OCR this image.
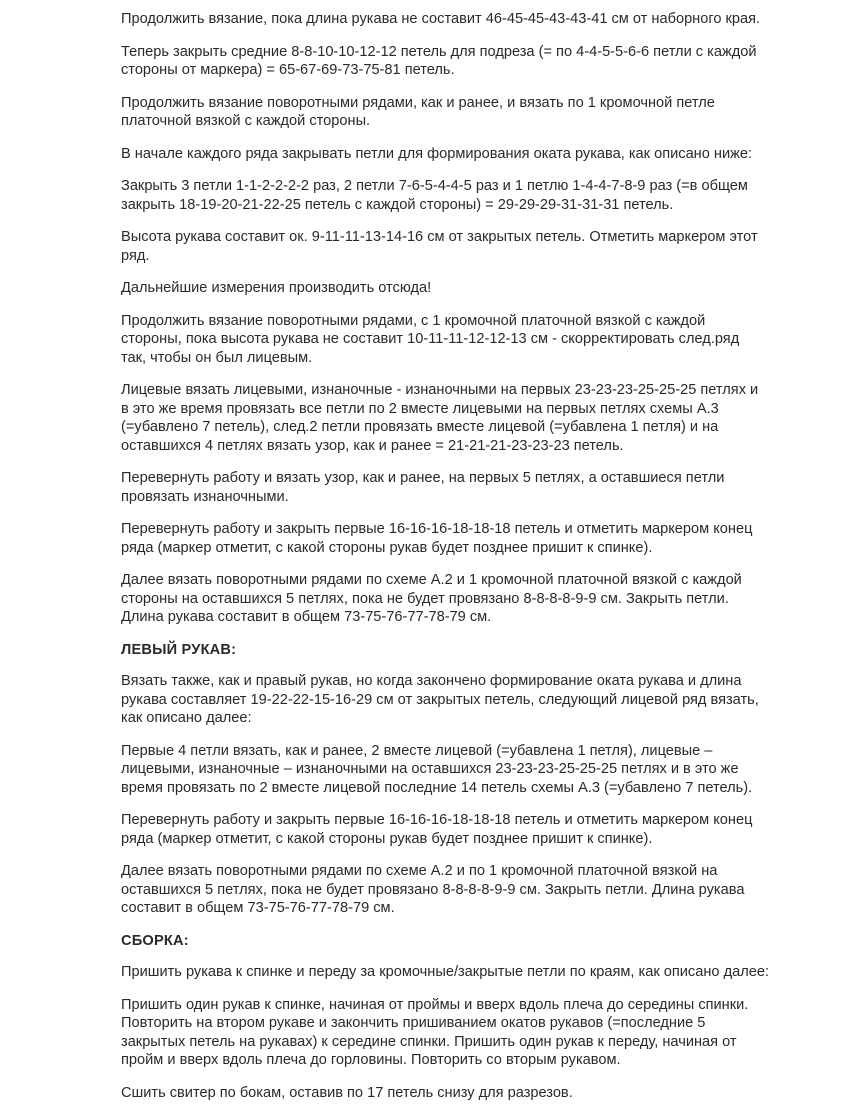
Продолжить вязание, пока длина рукава не составит 46-45-45-43-43-41 см от наборного края.
Теперь закрыть средние 8-8-10-10-12-12 петель для подреза (= по 4-4-5-5-6-6 петли с каждой
стороны от маркера) = 65-67-69-73-75-81 петель.
Продолжить вязание поворотными рядами, как и ранее, и вязать по 1 кромочной петле
платочной вязкой с каждой стороны.
В начале каждого ряда закрывать петли для формирования оката рукава, как описано ниже:
Закрыть 3 петли 1-1-2-2-2-2 раз, 2 петли 7-6-5-4-4-5 раз и 1 петлю 1-4-4-7-8-9 раз (=в общем
закрыть 18-19-20-21-22-25 петель с каждой стороны) = 29-29-29-31-31-31 петель.
Высота рукава составит ок. 9-11-11-13-14-16 см от закрытых петель. Отметить маркером этот
ряд.
Дальнейшие измерения производить отсюда!
Продолжить вязание поворотными рядами, с 1 кромочной платочной вязкой с каждой
стороны, пока высота рукава не составит 10-11-11-12-12-13 см - скорректировать след.ряд
так, чтобы он был лицевым.
Лицевые вязать лицевыми, изнаночные - изнаночными на первых 23-23-23-25-25-25 петлях и
в это же время провязать все петли по 2 вместе лицевыми на первых петлях схемы А.3
(=убавлено 7 петель), след.2 петли провязать вместе лицевой (=убавлена 1 петля) и на
оставшихся 4 петлях вязать узор, как и ранее = 21-21-21-23-23-23 петель.
Перевернуть работу и вязать узор, как и ранее, на первых 5 петлях, а оставшиеся петли
провязать изнаночными.
Перевернуть работу и закрыть первые 16-16-16-18-18-18 петель и отметить маркером конец
ряда (маркер отметит, с какой стороны рукав будет позднее пришит к спинке).
Далее вязать поворотными рядами по схеме А.2 и 1 кромочной платочной вязкой с каждой
стороны на оставшихся 5 петлях, пока не будет провязано 8-8-8-8-9-9 см. Закрыть петли.
Длина рукава составит в общем 73-75-76-77-78-79 см.
ЛЕВЫЙ РУКАВ:
Вязать также, как и правый рукав, но когда закончено формирование оката рукава и длина
рукава составляет 19-22-22-15-16-29 см от закрытых петель, следующий лицевой ряд вязать,
как описано далее:
Первые 4 петли вязать, как и ранее, 2 вместе лицевой (=убавлена 1 петля), лицевые –
лицевыми, изнаночные – изнаночными на оставшихся 23-23-23-25-25-25 петлях и в это же
время провязать по 2 вместе лицевой последние 14 петель схемы А.3 (=убавлено 7 петель).
Перевернуть работу и закрыть первые 16-16-16-18-18-18 петель и отметить маркером конец
ряда (маркер отметит, с какой стороны рукав будет позднее пришит к спинке).
Далее вязать поворотными рядами по схеме А.2 и по 1 кромочной платочной вязкой на
оставшихся 5 петлях, пока не будет провязано 8-8-8-8-9-9 см. Закрыть петли. Длина рукава
составит в общем 73-75-76-77-78-79 см.
СБОРКА:
Пришить рукава к спинке и переду за кромочные/закрытые петли по краям, как описано далее:
Пришить один рукав к спинке, начиная от проймы и вверх вдоль плеча до середины спинки.
Повторить на втором рукаве и закончить пришиванием окатов рукавов (=последние 5
закрытых петель на рукавах) к середине спинки. Пришить один рукав к переду, начиная от
пройм и вверх вдоль плеча до горловины. Повторить со вторым рукавом.
Сшить свитер по бокам, оставив по 17 петель снизу для разрезов.
